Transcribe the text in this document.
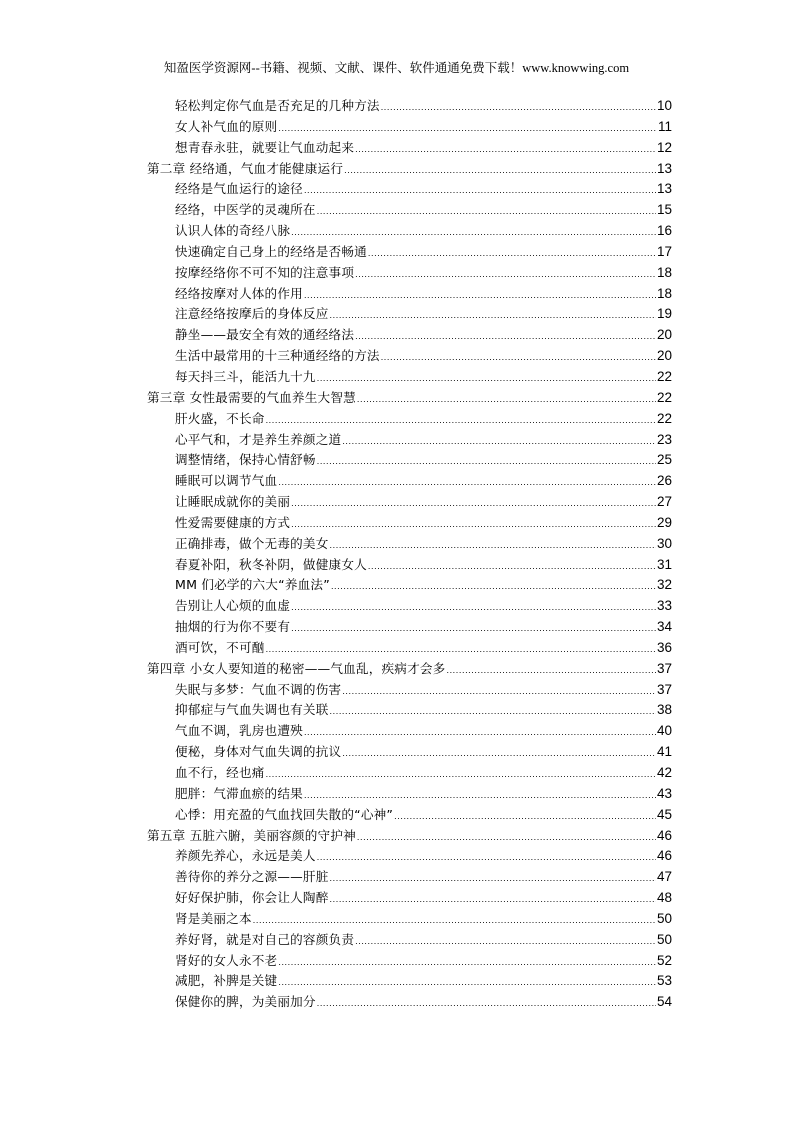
知盈医学资源网--书籍、视频、文献、课件、软件通通免费下载！www.knowwing.com
轻松判定你气血是否充足的几种方法 .....	10
女人补气血的原则 .....	11
想青春永驻，就要让气血动起来 .....	12
第二章 经络通，气血才能健康运行 .....	13
经络是气血运行的途径 .....	13
经络，中医学的灵魂所在 .....	15
认识人体的奇经八脉 .....	16
快速确定自己身上的经络是否畅通 .....	17
按摩经络你不可不知的注意事项 .....	18
经络按摩对人体的作用 .....	18
注意经络按摩后的身体反应 .....	19
静坐——最安全有效的通经络法 .....	20
生活中最常用的十三种通经络的方法 .....	20
每天抖三斗，能活九十九 .....	22
第三章 女性最需要的气血养生大智慧 .....	22
肝火盛，不长命 .....	22
心平气和，才是养生养颜之道 .....	23
调整情绪，保持心情舒畅 .....	25
睡眠可以调节气血 .....	26
让睡眠成就你的美丽 .....	27
性爱需要健康的方式 .....	29
正确排毒，做个无毒的美女 .....	30
春夏补阳，秋冬补阴，做健康女人 .....	31
MM 们必学的六大“养血法” .....	32
告别让人心烦的血虚 .....	33
抽烟的行为你不要有 .....	34
酒可饮，不可酗 .....	36
第四章 小女人要知道的秘密——气血乱，疾病才会多 .....	37
失眠与多梦：气血不调的伤害 .....	37
抑郁症与气血失调也有关联 .....	38
气血不调，乳房也遭殃 .....	40
便秘，身体对气血失调的抗议 .....	41
血不行，经也痛 .....	42
肥胖：气滞血瘀的结果 .....	43
心悸：用充盈的气血找回失散的“心神” .....	45
第五章 五脏六腑，美丽容颜的守护神 .....	46
养颜先养心，永远是美人 .....	46
善待你的养分之源——肝脏 .....	47
好好保护肺，你会让人陶醉 .....	48
肾是美丽之本 .....	50
养好肾，就是对自己的容颜负责 .....	50
肾好的女人永不老 .....	52
减肥，补脾是关键 .....	53
保健你的脾，为美丽加分 .....	54
